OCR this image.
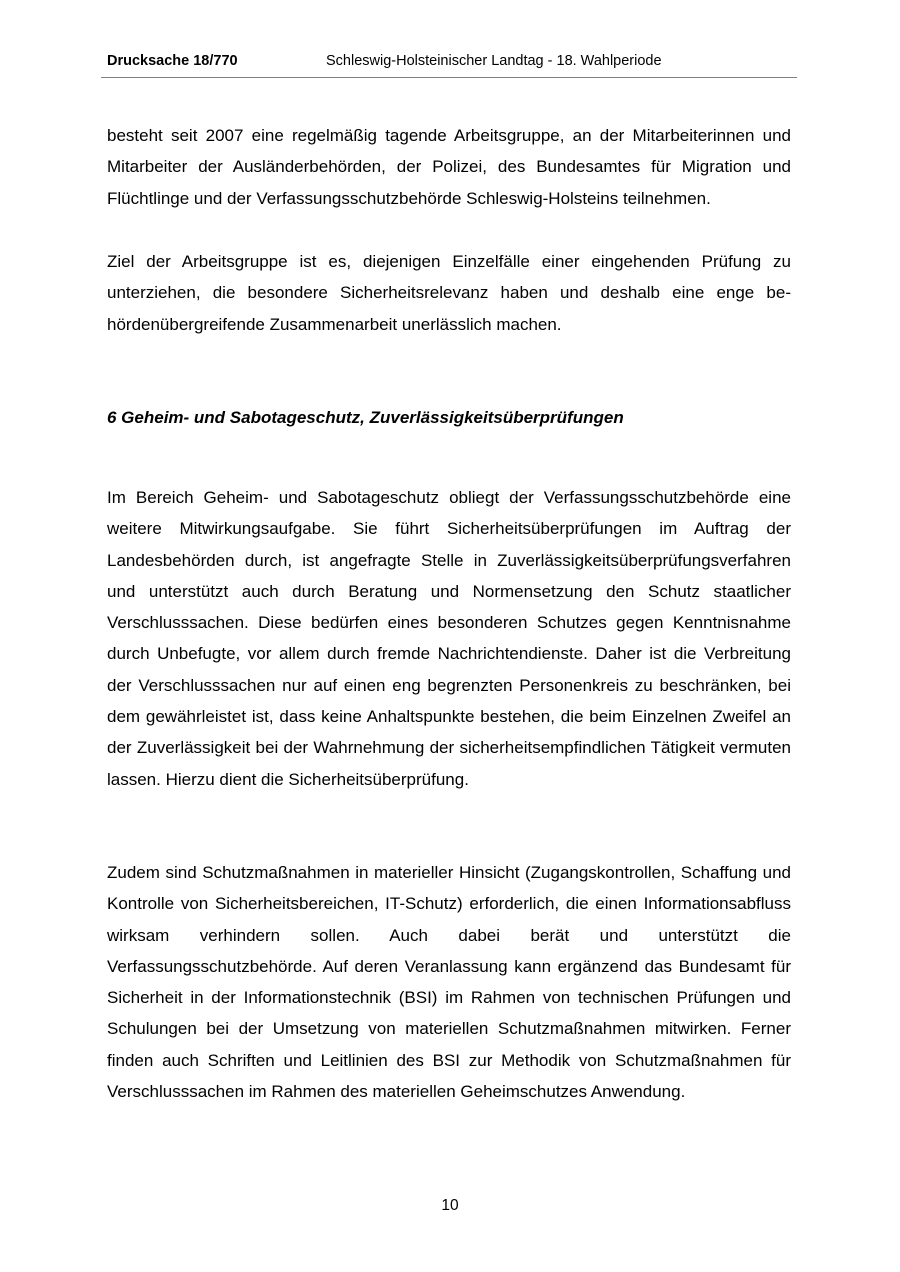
Drucksache 18/770	Schleswig-Holsteinischer Landtag - 18. Wahlperiode

besteht seit 2007 eine regelmäßig tagende Arbeitsgruppe, an der Mitarbeiterinnen und Mitarbeiter der Ausländerbehörden, der Polizei, des Bundesamtes für Migration und Flüchtlinge und der Verfassungsschutzbehörde Schleswig-Holsteins teilnehmen.

Ziel der Arbeitsgruppe ist es, diejenigen Einzelfälle einer eingehenden Prüfung zu unterziehen, die besondere Sicherheitsrelevanz haben und deshalb eine enge behördenübergreifende Zusammenarbeit unerlässlich machen.

6 Geheim- und Sabotageschutz, Zuverlässigkeitsüberprüfungen

Im Bereich Geheim- und Sabotageschutz obliegt der Verfassungsschutzbehörde eine weitere Mitwirkungsaufgabe. Sie führt Sicherheitsüberprüfungen im Auftrag der Landesbehörden durch, ist angefragte Stelle in Zuverlässigkeitsüberprüfungsverfahren und unterstützt auch durch Beratung und Normensetzung den Schutz staatlicher Verschlusssachen. Diese bedürfen eines besonderen Schutzes gegen Kenntnisnahme durch Unbefugte, vor allem durch fremde Nachrichtendienste. Daher ist die Verbreitung der Verschlusssachen nur auf einen eng begrenzten Personenkreis zu beschränken, bei dem gewährleistet ist, dass keine Anhaltspunkte bestehen, die beim Einzelnen Zweifel an der Zuverlässigkeit bei der Wahrnehmung der sicherheitsempfindlichen Tätigkeit vermuten lassen. Hierzu dient die Sicherheitsüberprüfung.

Zudem sind Schutzmaßnahmen in materieller Hinsicht (Zugangskontrollen, Schaffung und Kontrolle von Sicherheitsbereichen, IT-Schutz) erforderlich, die einen Informationsabfluss wirksam verhindern sollen. Auch dabei berät und unterstützt die Verfassungsschutzbehörde. Auf deren Veranlassung kann ergänzend das Bundesamt für Sicherheit in der Informationstechnik (BSI) im Rahmen von technischen Prüfungen und Schulungen bei der Umsetzung von materiellen Schutzmaßnahmen mitwirken. Ferner finden auch Schriften und Leitlinien des BSI zur Methodik von Schutzmaßnahmen für Verschlusssachen im Rahmen des materiellen Geheimschutzes Anwendung.

10
